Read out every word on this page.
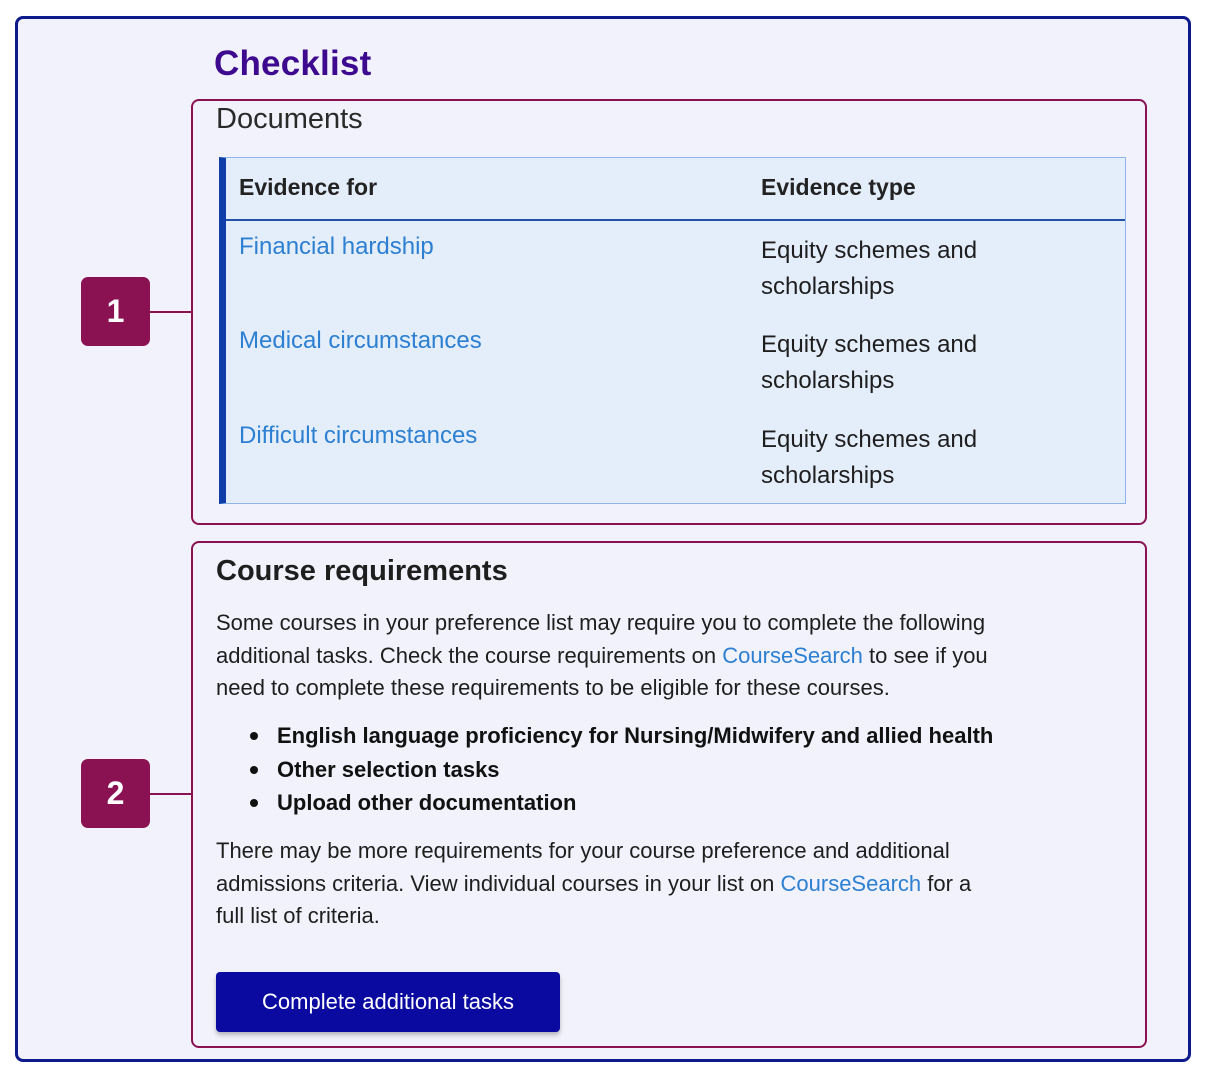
Checklist
Documents
Evidence for	Evidence type
Financial hardship	Equity schemes and
scholarships
Medical circumstances	Equity schemes and
scholarships
Difficult circumstances	Equity schemes and
scholarships
Course requirements

Some courses in your preference list may require you to complete the following
additional tasks. Check the course requirements on CourseSearch to see if you
need to complete these requirements to be eligible for these courses.

English language proficiency for Nursing/Midwifery and allied health
Other selection tasks
Upload other documentation

There may be more requirements for your course preference and additional
admissions criteria. View individual courses in your list on CourseSearch for a
full list of criteria.

Complete additional tasks
1
2
